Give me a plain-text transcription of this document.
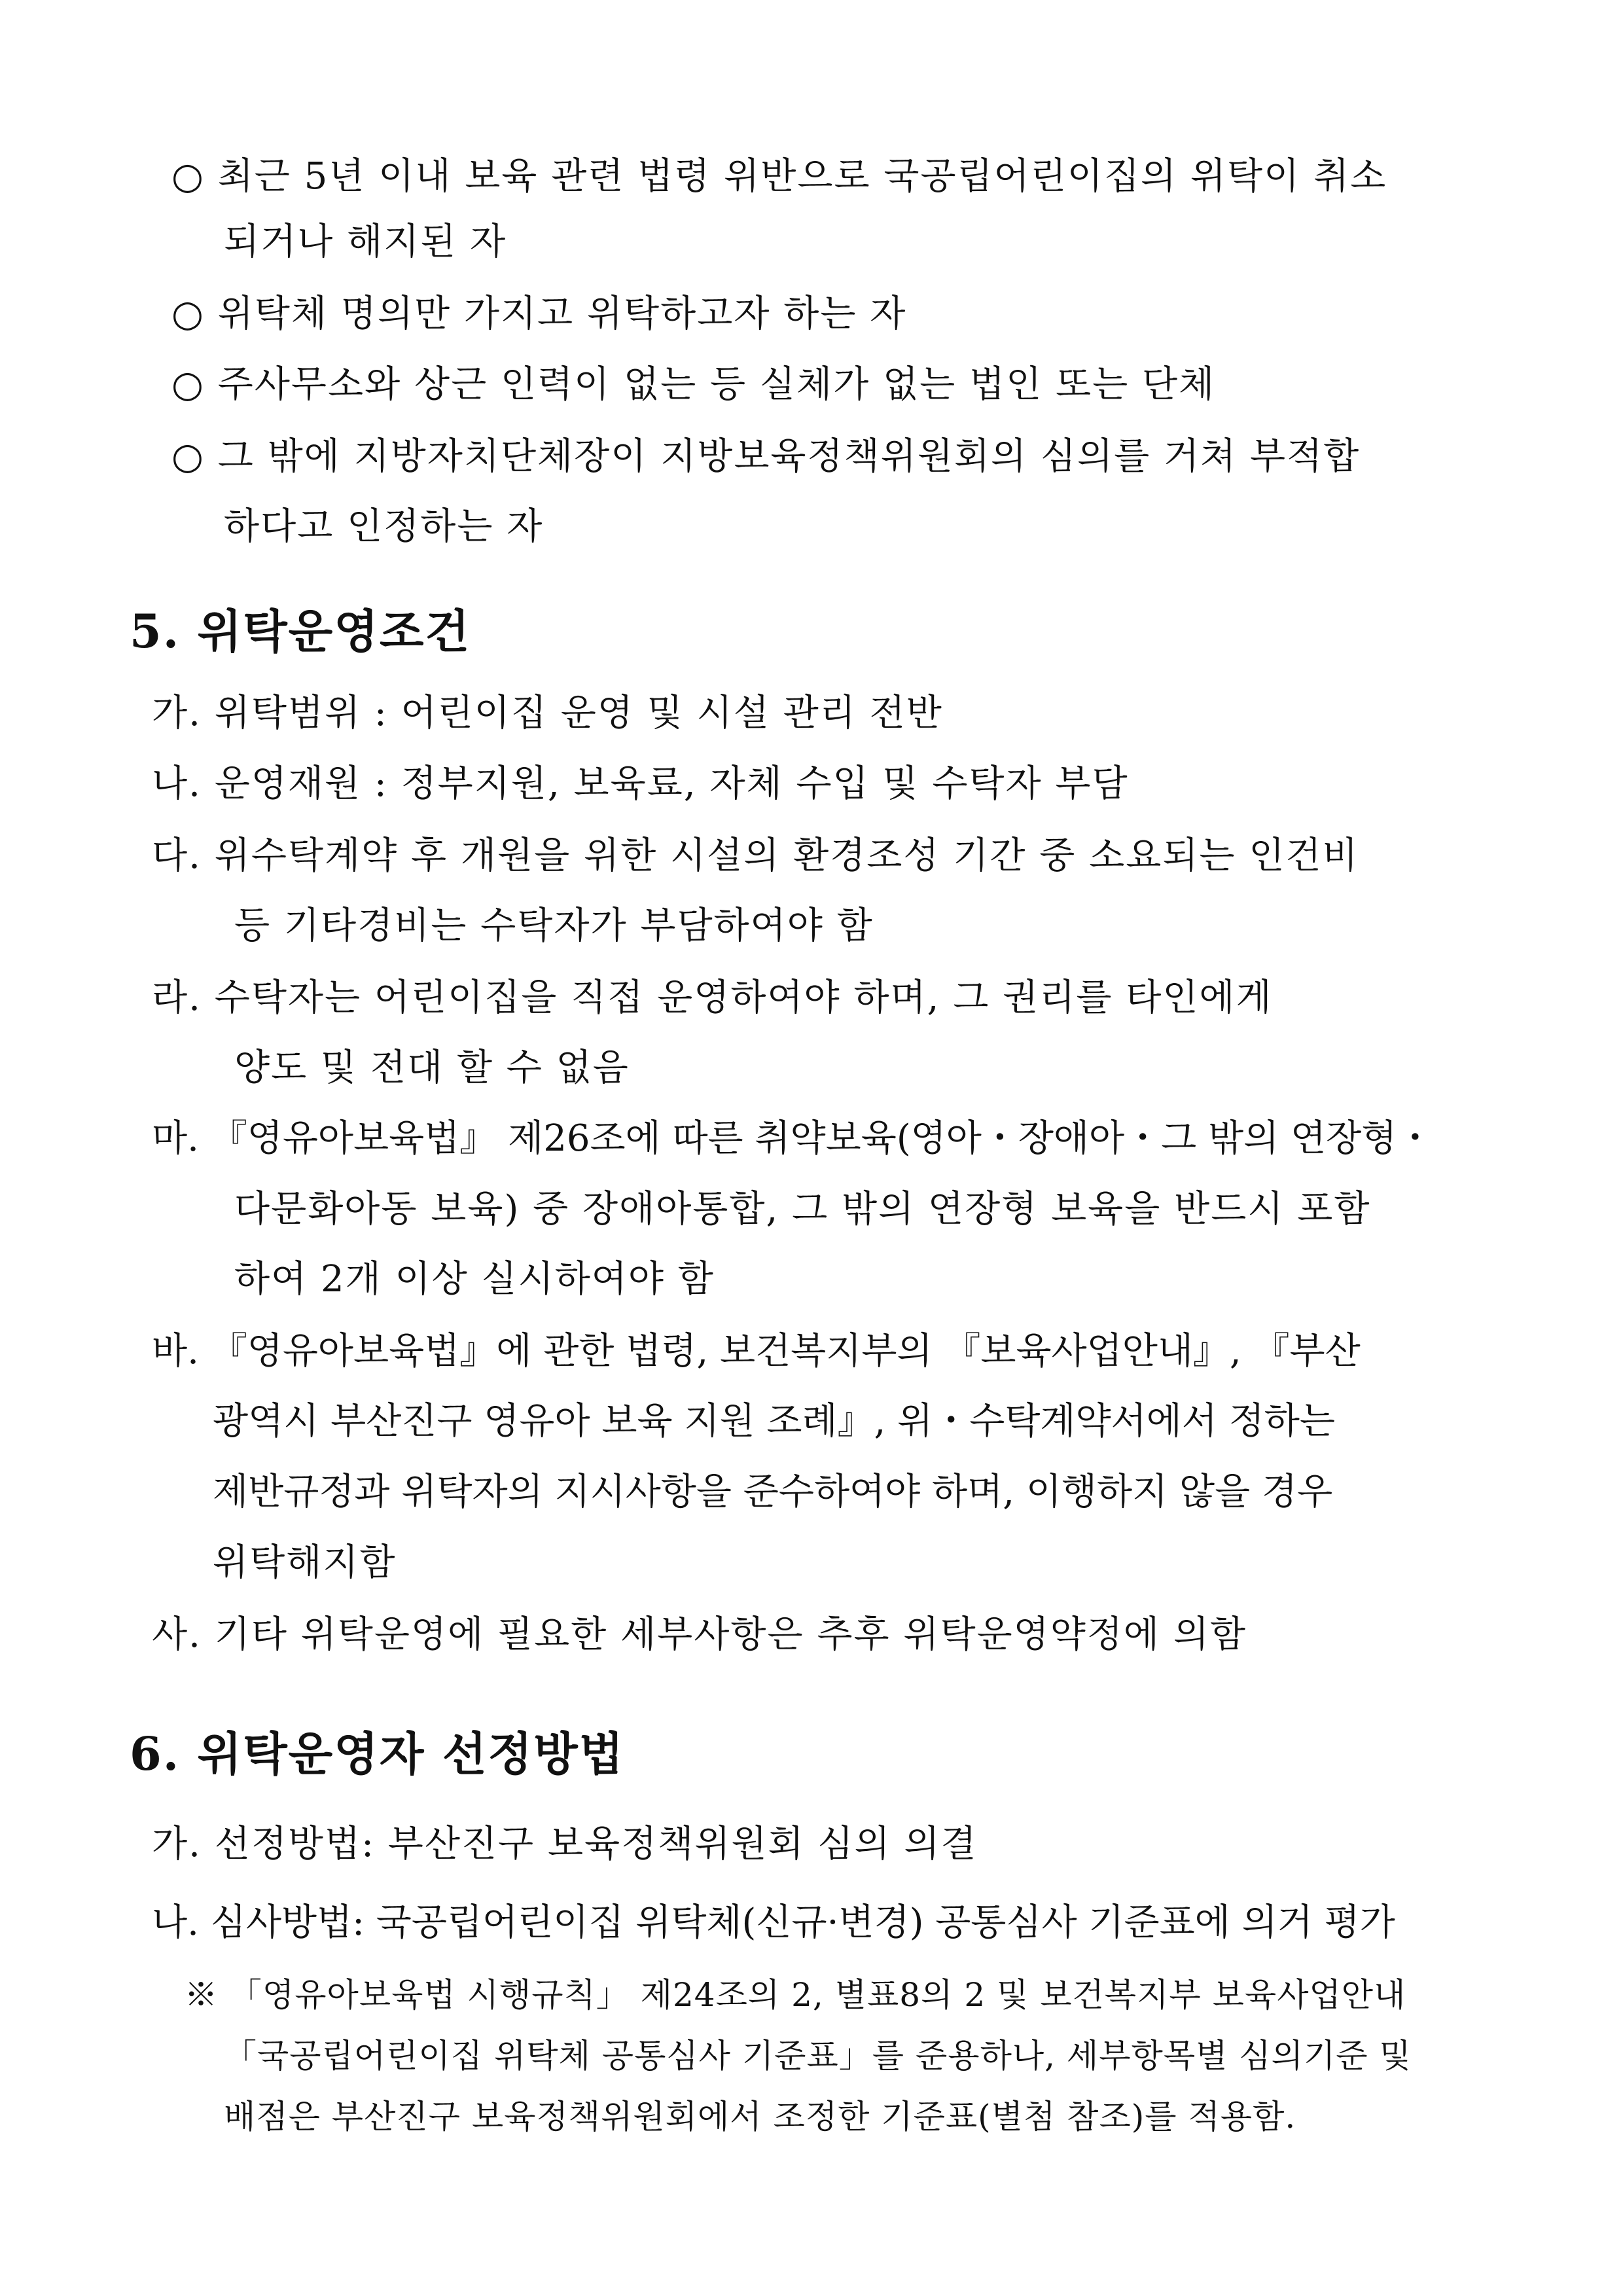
○ 최근 5년 이내 보육 관련 법령 위반으로 국공립어린이집의 위탁이 취소
되거나 해지된 자
○ 위탁체 명의만 가지고 위탁하고자 하는 자
○ 주사무소와 상근 인력이 없는 등 실체가 없는 법인 또는 단체
○ 그 밖에 지방자치단체장이 지방보육정책위원회의 심의를 거쳐 부적합
하다고 인정하는 자
5. 위탁운영조건
가. 위탁범위 : 어린이집 운영 및 시설 관리 전반
나. 운영재원 : 정부지원, 보육료, 자체 수입 및 수탁자 부담
다. 위수탁계약 후 개원을 위한 시설의 환경조성 기간 중 소요되는 인건비
등 기타경비는 수탁자가 부담하여야 함
라. 수탁자는 어린이집을 직접 운영하여야 하며, 그 권리를 타인에게
양도 및 전대 할 수 없음
마. 『영유아보육법』 제26조에 따른 취약보육(영아・장애아・그 밖의 연장형・
다문화아동 보육) 중 장애아통합, 그 밖의 연장형 보육을 반드시 포함
하여 2개 이상 실시하여야 함
바. 『영유아보육법』에 관한 법령, 보건복지부의 『보육사업안내』, 『부산
광역시 부산진구 영유아 보육 지원 조례』, 위・수탁계약서에서 정하는
제반규정과 위탁자의 지시사항을 준수하여야 하며, 이행하지 않을 경우
위탁해지함
사. 기타 위탁운영에 필요한 세부사항은 추후 위탁운영약정에 의함
6. 위탁운영자 선정방법
가. 선정방법: 부산진구 보육정책위원회 심의 의결
나. 심사방법: 국공립어린이집 위탁체(신규·변경) 공통심사 기준표에 의거 평가
※ 「영유아보육법 시행규칙」 제24조의 2, 별표8의 2 및 보건복지부 보육사업안내
「국공립어린이집 위탁체 공통심사 기준표」를 준용하나, 세부항목별 심의기준 및
배점은 부산진구 보육정책위원회에서 조정한 기준표(별첨 참조)를 적용함.
